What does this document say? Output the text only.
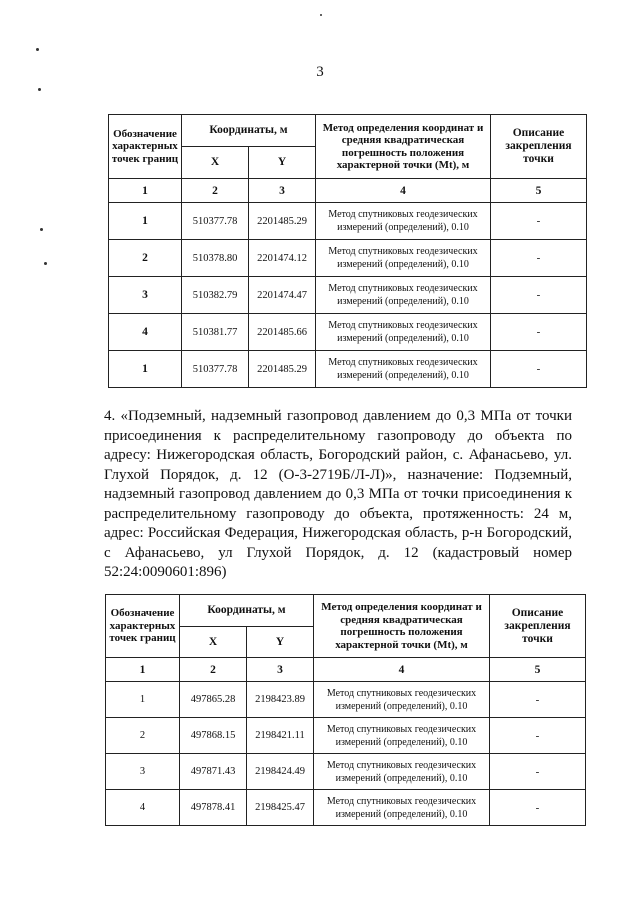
3
Обозначение характерных точек границ	Координаты, м		Метод определения координат и средняя квадратическая погрешность положения характерной точки (Mt), м	Описание закрепления точки
	X	Y		
1	2	3	4	5
1	510377.78	2201485.29	Метод спутниковых геодезических измерений (определений), 0.10	-
2	510378.80	2201474.12	Метод спутниковых геодезических измерений (определений), 0.10	-
3	510382.79	2201474.47	Метод спутниковых геодезических измерений (определений), 0.10	-
4	510381.77	2201485.66	Метод спутниковых геодезических измерений (определений), 0.10	-
1	510377.78	2201485.29	Метод спутниковых геодезических измерений (определений), 0.10	-
4. «Подземный, надземный газопровод давлением до 0,3 МПа от точки присоединения к распределительному газопроводу до объекта по адресу: Нижегородская область, Богородский район, с. Афанасьево, ул. Глухой Порядок, д. 12 (О-3-2719Б/Л-Л)», назначение: Подземный, надземный газопровод давлением до 0,3 МПа от точки присоединения к распределительному газопроводу до объекта, протяженность: 24 м, адрес: Российская Федерация, Нижегородская область, р-н Богородский, с Афанасьево, ул Глухой Порядок, д. 12 (кадастровый номер 52:24:0090601:896)
Обозначение характерных точек границ	Координаты, м		Метод определения координат и средняя квадратическая погрешность положения характерной точки (Mt), м	Описание закрепления точки
	X	Y		
1	2	3	4	5
1	497865.28	2198423.89	Метод спутниковых геодезических измерений (определений), 0.10	-
2	497868.15	2198421.11	Метод спутниковых геодезических измерений (определений), 0.10	-
3	497871.43	2198424.49	Метод спутниковых геодезических измерений (определений), 0.10	-
4	497878.41	2198425.47	Метод спутниковых геодезических измерений (определений), 0.10	-
